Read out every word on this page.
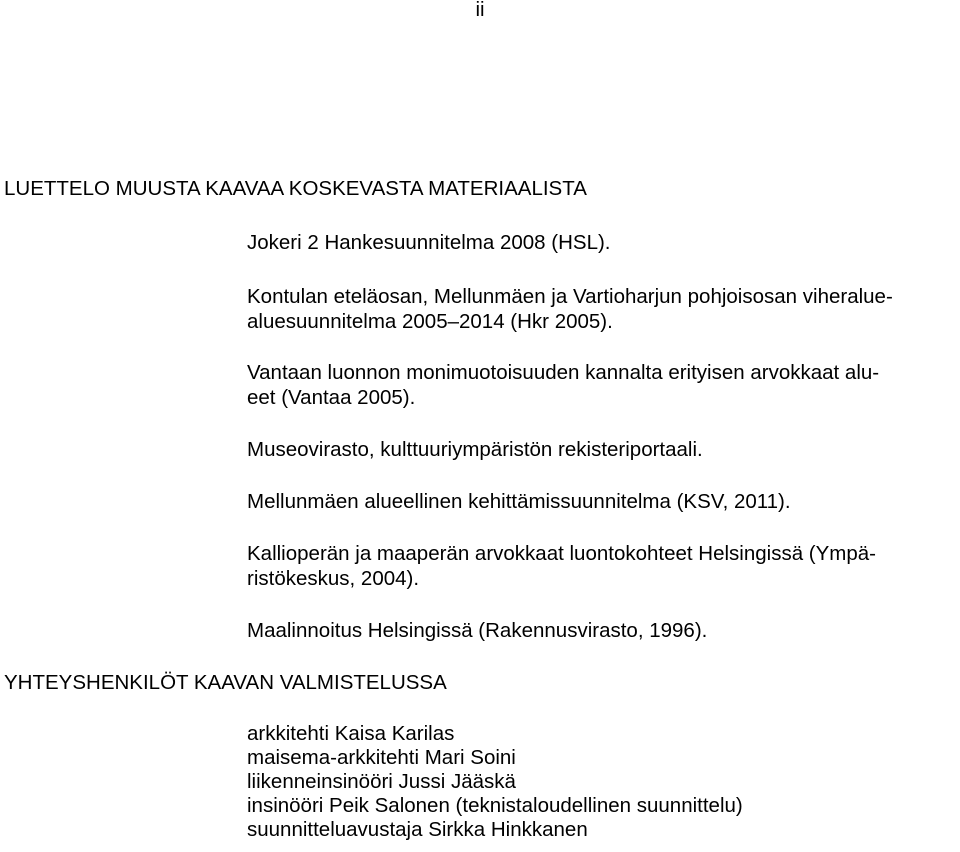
ii
LUETTELO MUUSTA KAAVAA KOSKEVASTA MATERIAALISTA

Jokeri 2 Hankesuunnitelma 2008 (HSL).

Kontulan eteläosan, Mellunmäen ja Vartioharjun pohjoisosan viheralue-
aluesuunnitelma 2005–2014 (Hkr 2005).

Vantaan luonnon monimuotoisuuden kannalta erityisen arvokkaat alu-
eet (Vantaa 2005).

Museovirasto, kulttuuriympäristön rekisteriportaali.

Mellunmäen alueellinen kehittämissuunnitelma (KSV, 2011).

Kallioperän ja maaperän arvokkaat luontokohteet Helsingissä (Ympä-
ristökeskus, 2004).

Maalinnoitus Helsingissä (Rakennusvirasto, 1996).

YHTEYSHENKILÖT KAAVAN VALMISTELUSSA
arkkitehti Kaisa Karilas
maisema-arkkitehti Mari Soini
liikenneinsinööri Jussi Jääskä
insinööri Peik Salonen (teknistaloudellinen suunnittelu)
suunnitteluavustaja Sirkka Hinkkanen
